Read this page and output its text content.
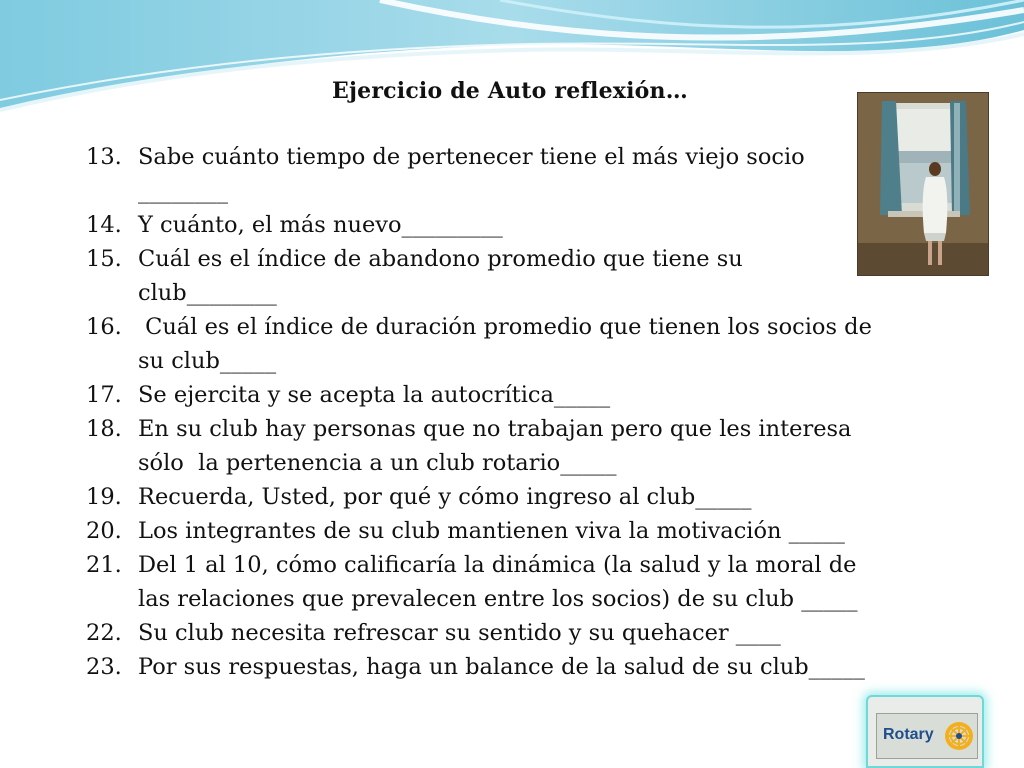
Ejercicio de Auto reflexión…
13. Sabe cuánto tiempo de pertenecer tiene el más viejo socio
________
14. Y cuánto, el más nuevo_________
15. Cuál es el índice de abandono promedio que tiene su
club________
16. Cuál es el índice de duración promedio que tienen los socios de
su club_____
17. Se ejercita y se acepta la autocrítica_____
18. En su club hay personas que no trabajan pero que les interesa
sólo  la pertenencia a un club rotario_____
19. Recuerda, Usted, por qué y cómo ingreso al club_____
20. Los integrantes de su club mantienen viva la motivación _____
21. Del 1 al 10, cómo calificaría la dinámica (la salud y la moral de
las relaciones que prevalecen entre los socios) de su club _____
22. Su club necesita refrescar su sentido y su quehacer ____
23. Por sus respuestas, haga un balance de la salud de su club_____
Rotary
